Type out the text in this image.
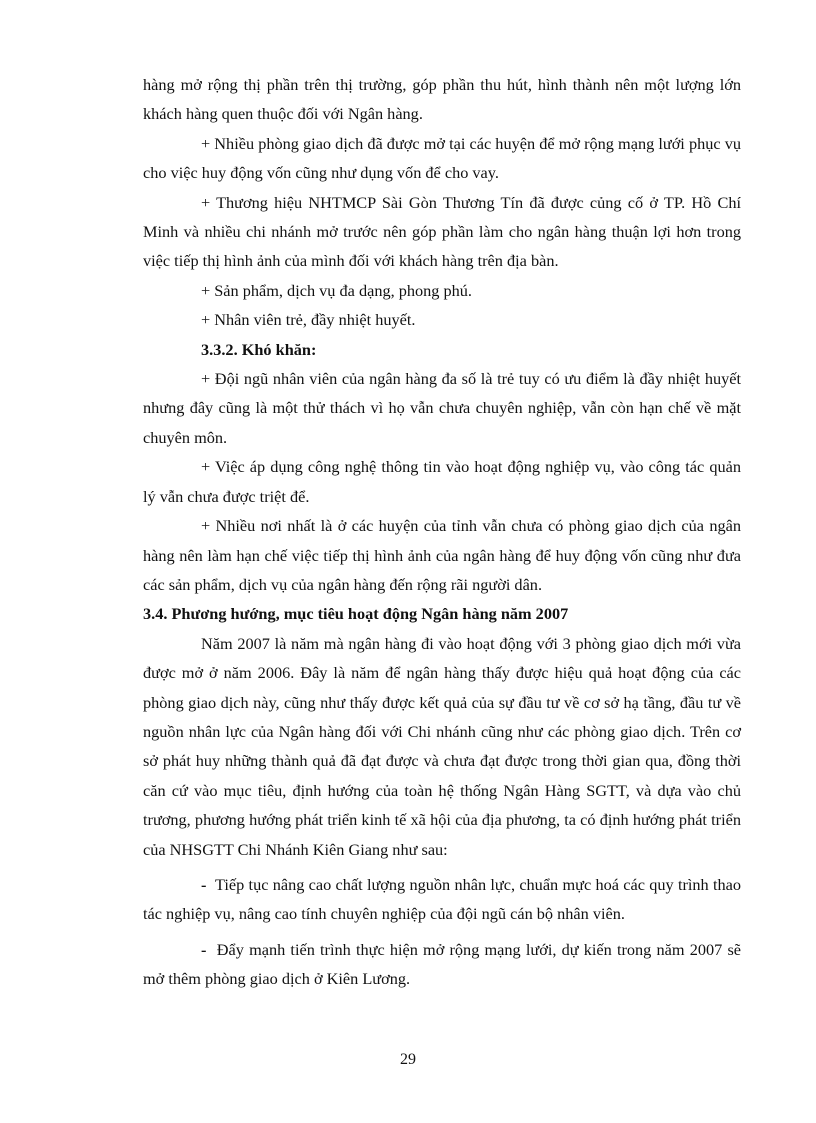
hàng mở rộng thị phần trên thị trường, góp phần thu hút, hình thành nên một lượng lớn khách hàng quen thuộc đối với Ngân hàng.

+ Nhiều phòng giao dịch đã được mở tại các huyện để mở rộng mạng lưới phục vụ cho việc huy động vốn cũng như dụng vốn để cho vay.

+ Thương hiệu NHTMCP Sài Gòn Thương Tín đã được củng cố ở TP. Hồ Chí Minh và nhiều chi nhánh mở trước nên góp phần làm cho ngân hàng thuận lợi hơn trong việc tiếp thị hình ảnh của mình đối với khách hàng trên địa bàn.

+ Sản phẩm, dịch vụ đa dạng, phong phú.

+ Nhân viên trẻ, đầy nhiệt huyết.

3.3.2. Khó khăn:

+ Đội ngũ nhân viên của ngân hàng đa số là trẻ tuy có ưu điểm là đầy nhiệt huyết nhưng đây cũng là một thử thách vì họ vẫn chưa chuyên nghiệp, vẫn còn hạn chế về mặt chuyên môn.

+ Việc áp dụng công nghệ thông tin vào hoạt động nghiệp vụ, vào công tác quản lý vẫn chưa được triệt để.

+ Nhiều nơi nhất là ở các huyện của tỉnh vẫn chưa có phòng giao dịch của ngân hàng nên làm hạn chế việc tiếp thị hình ảnh của ngân hàng để huy động vốn cũng như đưa các sản phẩm, dịch vụ của ngân hàng đến rộng rãi người dân.

3.4. Phương hướng, mục tiêu hoạt động Ngân hàng năm 2007

Năm 2007 là năm mà ngân hàng đi vào hoạt động với 3 phòng giao dịch mới vừa được mở ở năm 2006. Đây là năm để ngân hàng thấy được hiệu quả hoạt động của các phòng giao dịch này, cũng như thấy được kết quả của sự đầu tư về cơ sở hạ tầng, đầu tư về nguồn nhân lực của Ngân hàng đối với Chi nhánh cũng như các phòng giao dịch. Trên cơ sở phát huy những thành quả đã đạt được và chưa đạt được trong thời gian qua, đồng thời căn cứ vào mục tiêu, định hướng của toàn hệ thống Ngân Hàng SGTT, và dựa vào chủ trương, phương hướng phát triển kinh tế xã hội của địa phương, ta có định hướng phát triển của NHSGTT Chi Nhánh Kiên Giang như sau:

- Tiếp tục nâng cao chất lượng nguồn nhân lực, chuẩn mực hoá các quy trình thao tác nghiệp vụ, nâng cao tính chuyên nghiệp của đội ngũ cán bộ nhân viên.

- Đẩy mạnh tiến trình thực hiện mở rộng mạng lưới, dự kiến trong năm 2007 sẽ mở thêm phòng giao dịch ở Kiên Lương.

29
